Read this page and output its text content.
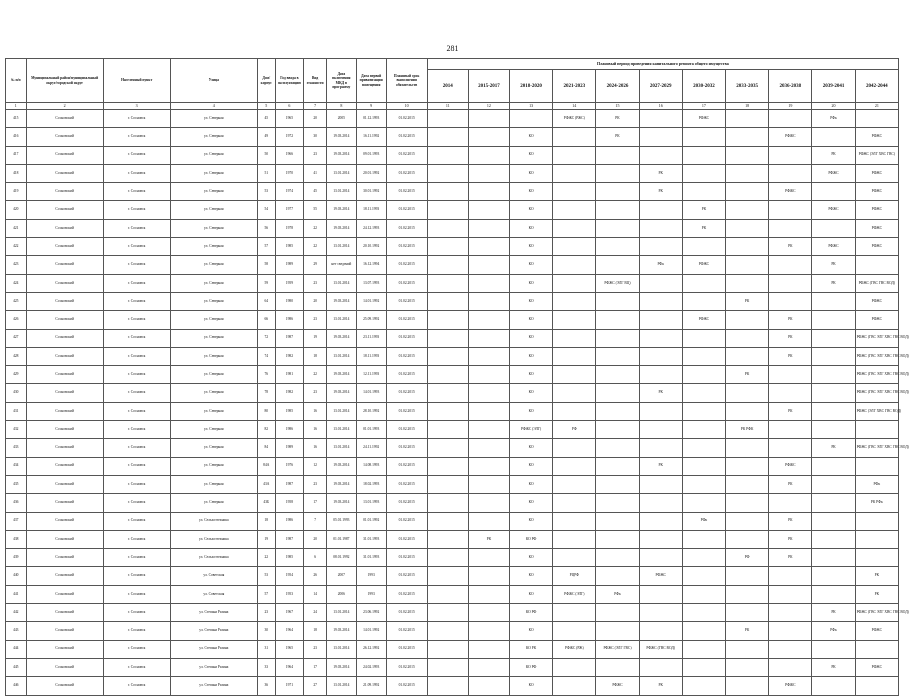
281
№ п/п	Муниципальный район/муниципальный округ/городской округ	Населенный пункт	Улица	Дом/корпус	Год ввода в эксплуатацию	Вид этажности	Дата включения МКД в программу	Дата первой приватизации помещения	Плановый срок выполнения обязательств	Плановый период проведения капитального ремонта общего имущества										
										2014	2015-2017	2018-2020	2021-2023	2024-2026	2027-2029	2030-2032	2033-2035	2036-2038	2039-2041	2042-2044
1	2	3	4	5	6	7	8	9	10	11	12	13	14	15	16	17	18	19	20	21
415	Сосновский	г. Сосновск	ул. Северная	45	1965	20	2005	01.12.1993	01.02.2015				РФЖС (РЖС)	РК		РФЖС			РФк	
416	Сосновский	г. Сосновск	ул. Северная	49	1972	30	19.03.2014	16.11.1992	01.02.2015			КО		РК				РФЖС		РФЖС
417	Сосновский	г. Сосновск	ул. Северная	50	1966	23	19.03.2014	09.01.1993	01.02.2015			КО							РК	РФЖС (ЭЛГ ХВС ГВС)
418	Сосновский	г. Сосновск	ул. Северная	51	1970	41	13.01.2014	20.01.1992	01.02.2015			КО			РК				РФЖС	РФЖС
419	Сосновский	г. Сосновск	ул. Северная	53	1974	45	13.01.2014	30.01.1992	01.02.2015			КО			РК			РФЖС		РФЖС
420	Сосновский	г. Сосновск	ул. Северная	54	1977	55	19.03.2014	18.11.1993	01.02.2015			КО				РК			РФЖС	РФЖС
421	Сосновский	г. Сосновск	ул. Северная	56	1978	22	19.03.2014	24.12.1993	01.02.2015			КО				РК				РФЖС
422	Сосновский	г. Сосновск	ул. Северная	57	1985	22	13.01.2014	20.10.1992	01.02.2015			КО						РК	РФЖС	РФЖС
423	Сосновский	г. Сосновск	ул. Северная	58	1989	29	нет сведений	16.12.1994	01.02.2015			КО			РФк	РФЖС			РК	
424	Сосновский	г. Сосновск	ул. Северная	59	1959	23	13.01.2014	13.07.1993	01.02.2015			КО		РФЖС (ЭЛГ ВЦ)					РК	РФЖС (ГВС ГВС ВОД)
425	Сосновский	г. Сосновск	ул. Северная	64	1980	20	19.03.2014	14.01.1992	01.02.2015			КО					РК			РФЖС
426	Сосновский	г. Сосновск	ул. Северная	66	1986	23	13.01.2014	25.09.1992	01.02.2015			КО				РФЖС		РК		РФЖС
427	Сосновский	г. Сосновск	ул. Северная	72	1987	19	19.03.2014	23.11.1993	01.02.2015			КО						РК		РФЖС (ГВС ЭЛГ ХВС ГВС ВОД)
428	Сосновский	г. Сосновск	ул. Северная	74	1982	18	13.01.2014	18.11.1993	01.02.2015			КО						РК		РФЖС (ГВС ЭЛГ ХВС ГВС ВОД)
429	Сосновский	г. Сосновск	ул. Северная	76	1981	22	19.03.2014	12.11.1993	01.02.2015			КО					РК			РФЖС (ГВС ЭЛГ ХВС ГВС ВОД)
430	Сосновский	г. Сосновск	ул. Северная	78	1982	23	19.03.2014	14.01.1993	01.02.2015			КО			РК					РФЖС (ГВС ЭЛГ ХВС ГВС ВОД)
431	Сосновский	г. Сосновск	ул. Северная	80	1985	16	13.01.2014	28.10.1992	01.02.2015			КО						РК		РФЖС (ЭЛГ ХВС ГВС ВОД)
432	Сосновский	г. Сосновск	ул. Северная	82	1986	16	13.01.2014	01.01.1993	01.02.2015			РФЖС (ЭЛГ)	РФ				РК РФК			
433	Сосновский	г. Сосновск	ул. Северная	84	1989	16	13.01.2014	24.11.1992	01.02.2015			КО							РК	РФЖС (ГВС ЭЛГ ХВС ГВС ВОД)
434	Сосновский	г. Сосновск	ул. Северная	84А	1976	12	19.03.2014	14.08.1993	01.02.2015			КО			РК			РФЖС		
435	Сосновский	г. Сосновск	ул. Северная	43А	1987	23	19.03.2014	18.02.1993	01.02.2015			КО						РК		РФк
436	Сосновский	г. Сосновск	ул. Северная	43Б	1958	17	19.03.2014	13.01.1993	01.02.2015			КО								РК РФк
437	Сосновский	г. Сосновск	ул. Сельхозтехника	18	1986	7	05.01.1993	01.01.1992	01.02.2015			КО				РФк		РК		
438	Сосновский	г. Сосновск	ул. Сельхозтехника	19	1987	20	01.01.1987	31.01.1993	01.02.2015		РК	КО РФ						РК		
439	Сосновский	г. Сосновск	ул. Сельхозтехника	22	1985	6	08.01.1992	31.01.1993	01.02.2015			КО					РФ	РК		
440	Сосновский	г. Сосновск	ул. Советская	53	1954	26	2007	1993	01.02.2015			КО	РЦРФ		РФЖС					РК
441	Сосновский	г. Сосновск	ул. Советская	57	1953	14	2006	1993	01.02.2015			КО	РФЖС (ЭЛГ)	РФк						РК
442	Сосновский	г. Сосновск	ул. Степана Разина	23	1967	24	13.01.2014	23.06.1992	01.02.2015			КО РФ							РК	РФЖС (ГВС ЭЛГ ХВС ГВС ВОД)
443	Сосновский	г. Сосновск	ул. Степана Разина	30	1964	18	19.03.2014	14.01.1992	01.02.2015			КО					РК		РФк	РФЖС
444	Сосновский	г. Сосновск	ул. Степана Разина	31	1965	23	13.01.2014	26.12.1992	01.02.2015			КО РК	РФЖС (РЖ)	РФЖС (ЭЛГ ГВС)	РФЖС (ГВС ВОД)					
445	Сосновский	г. Сосновск	ул. Степана Разина	33	1964	17	19.03.2014	24.02.1993	01.02.2015			КО РФ							РК	РФЖС
446	Сосновский	г. Сосновск	ул. Степана Разина	36	1971	27	13.01.2014	21.09.1992	01.02.2015			КО		РФЖС	РК			РФЖС		
